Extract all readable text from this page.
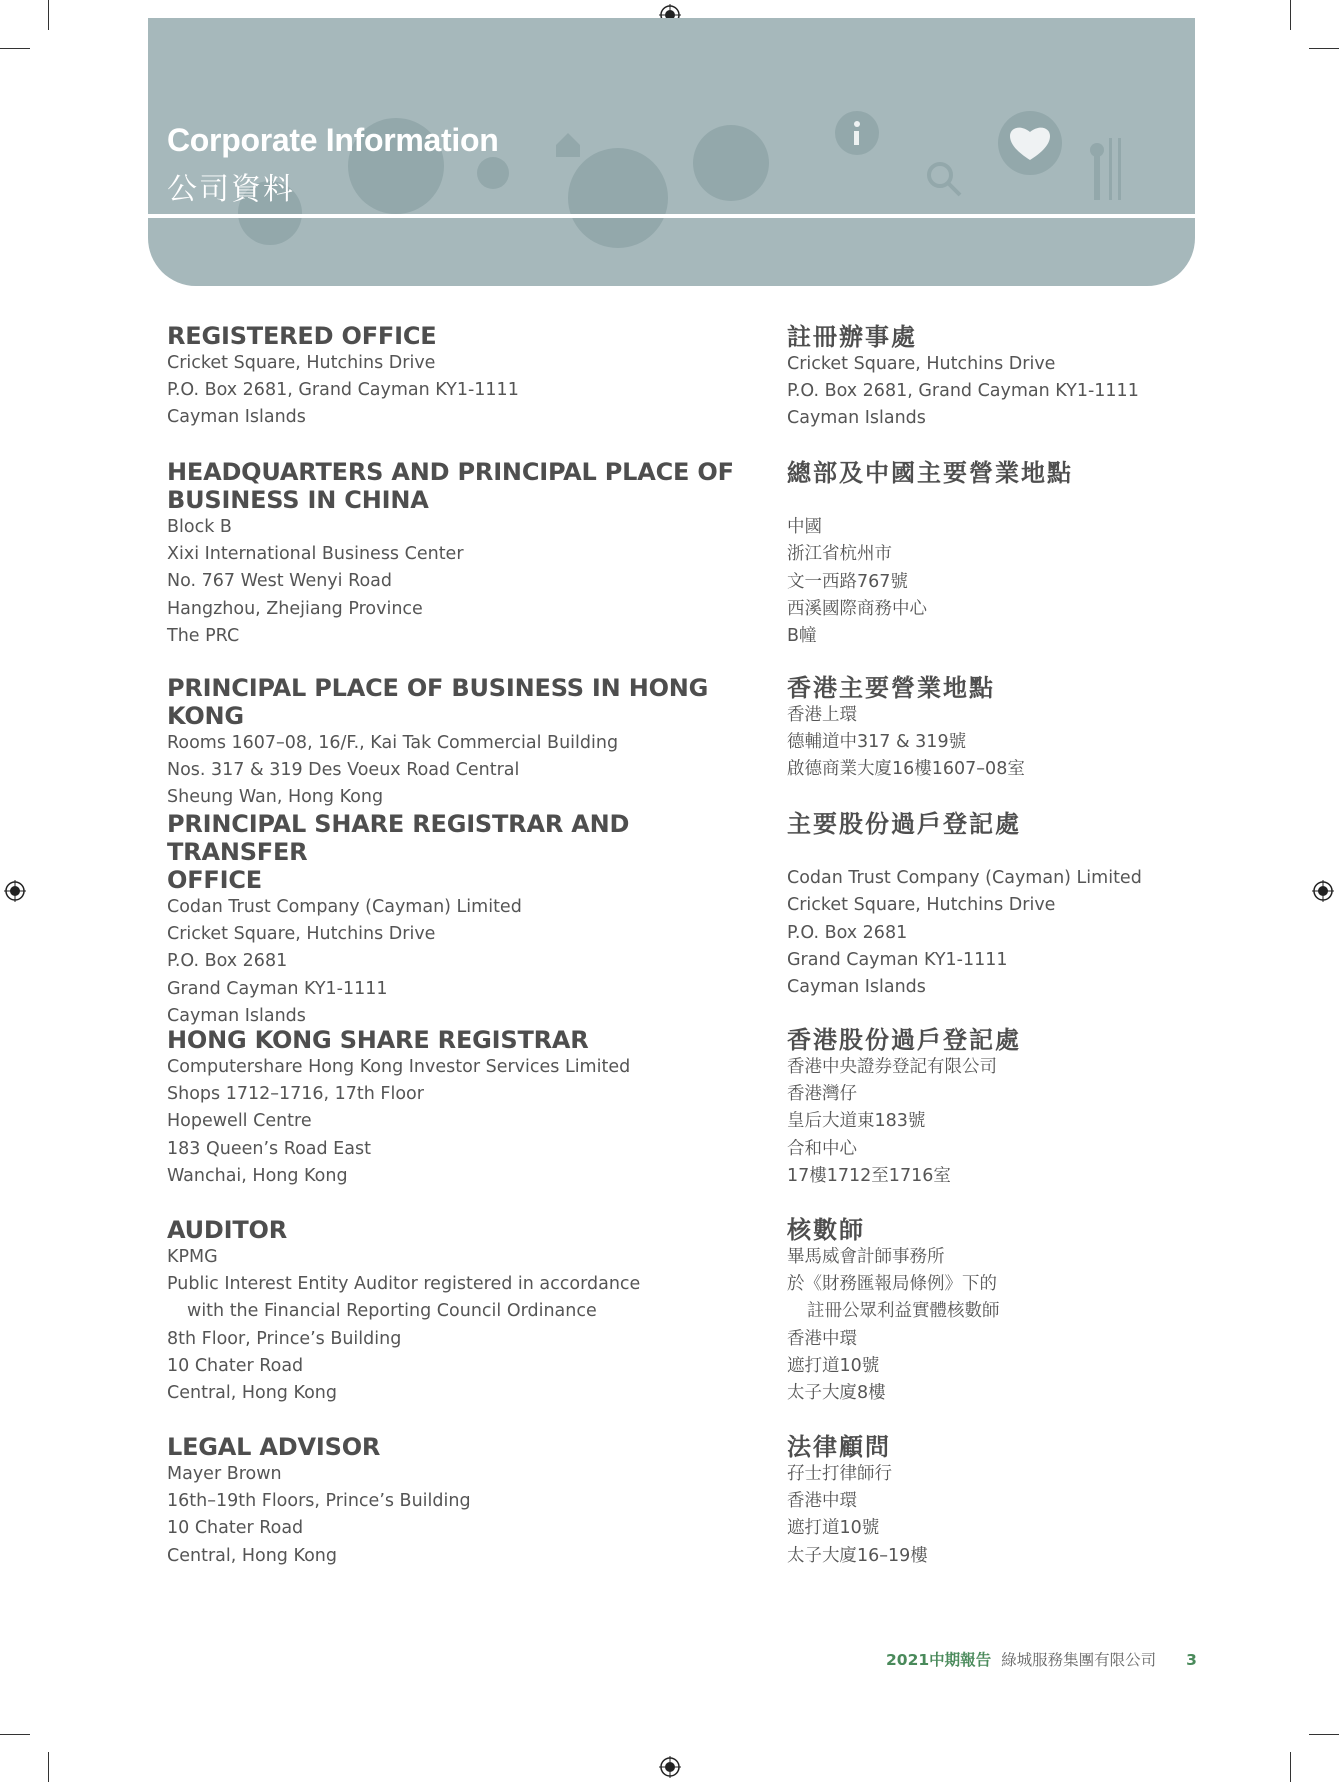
Corporate Information
公司資料
REGISTERED OFFICE
Cricket Square, Hutchins Drive
P.O. Box 2681, Grand Cayman KY1-1111
Cayman Islands
HEADQUARTERS AND PRINCIPAL PLACE OF
BUSINESS IN CHINA
Block B
Xixi International Business Center
No. 767 West Wenyi Road
Hangzhou, Zhejiang Province
The PRC
PRINCIPAL PLACE OF BUSINESS IN HONG KONG
Rooms 1607–08, 16/F., Kai Tak Commercial Building
Nos. 317 & 319 Des Voeux Road Central
Sheung Wan, Hong Kong
PRINCIPAL SHARE REGISTRAR AND TRANSFER
OFFICE
Codan Trust Company (Cayman) Limited
Cricket Square, Hutchins Drive
P.O. Box 2681
Grand Cayman KY1-1111
Cayman Islands
HONG KONG SHARE REGISTRAR
Computershare Hong Kong Investor Services Limited
Shops 1712–1716, 17th Floor
Hopewell Centre
183 Queen’s Road East
Wanchai, Hong Kong
AUDITOR
KPMG
Public Interest Entity Auditor registered in accordance
with the Financial Reporting Council Ordinance
8th Floor, Prince’s Building
10 Chater Road
Central, Hong Kong
LEGAL ADVISOR
Mayer Brown
16th–19th Floors, Prince’s Building
10 Chater Road
Central, Hong Kong
註冊辦事處
Cricket Square, Hutchins Drive
P.O. Box 2681, Grand Cayman KY1-1111
Cayman Islands
總部及中國主要營業地點
中國
浙江省杭州市
文一西路767號
西溪國際商務中心
B幢
香港主要營業地點
香港上環
德輔道中317 & 319號
啟德商業大廈16樓1607–08室
主要股份過戶登記處
Codan Trust Company (Cayman) Limited
Cricket Square, Hutchins Drive
P.O. Box 2681
Grand Cayman KY1-1111
Cayman Islands
香港股份過戶登記處
香港中央證券登記有限公司
香港灣仔
皇后大道東183號
合和中心
17樓1712至1716室
核數師
畢馬威會計師事務所
於《財務匯報局條例》下的
註冊公眾利益實體核數師
香港中環
遮打道10號
太子大廈8樓
法律顧問
孖士打律師行
香港中環
遮打道10號
太子大廈16–19樓
2021中期報告 綠城服務集團有限公司 3
